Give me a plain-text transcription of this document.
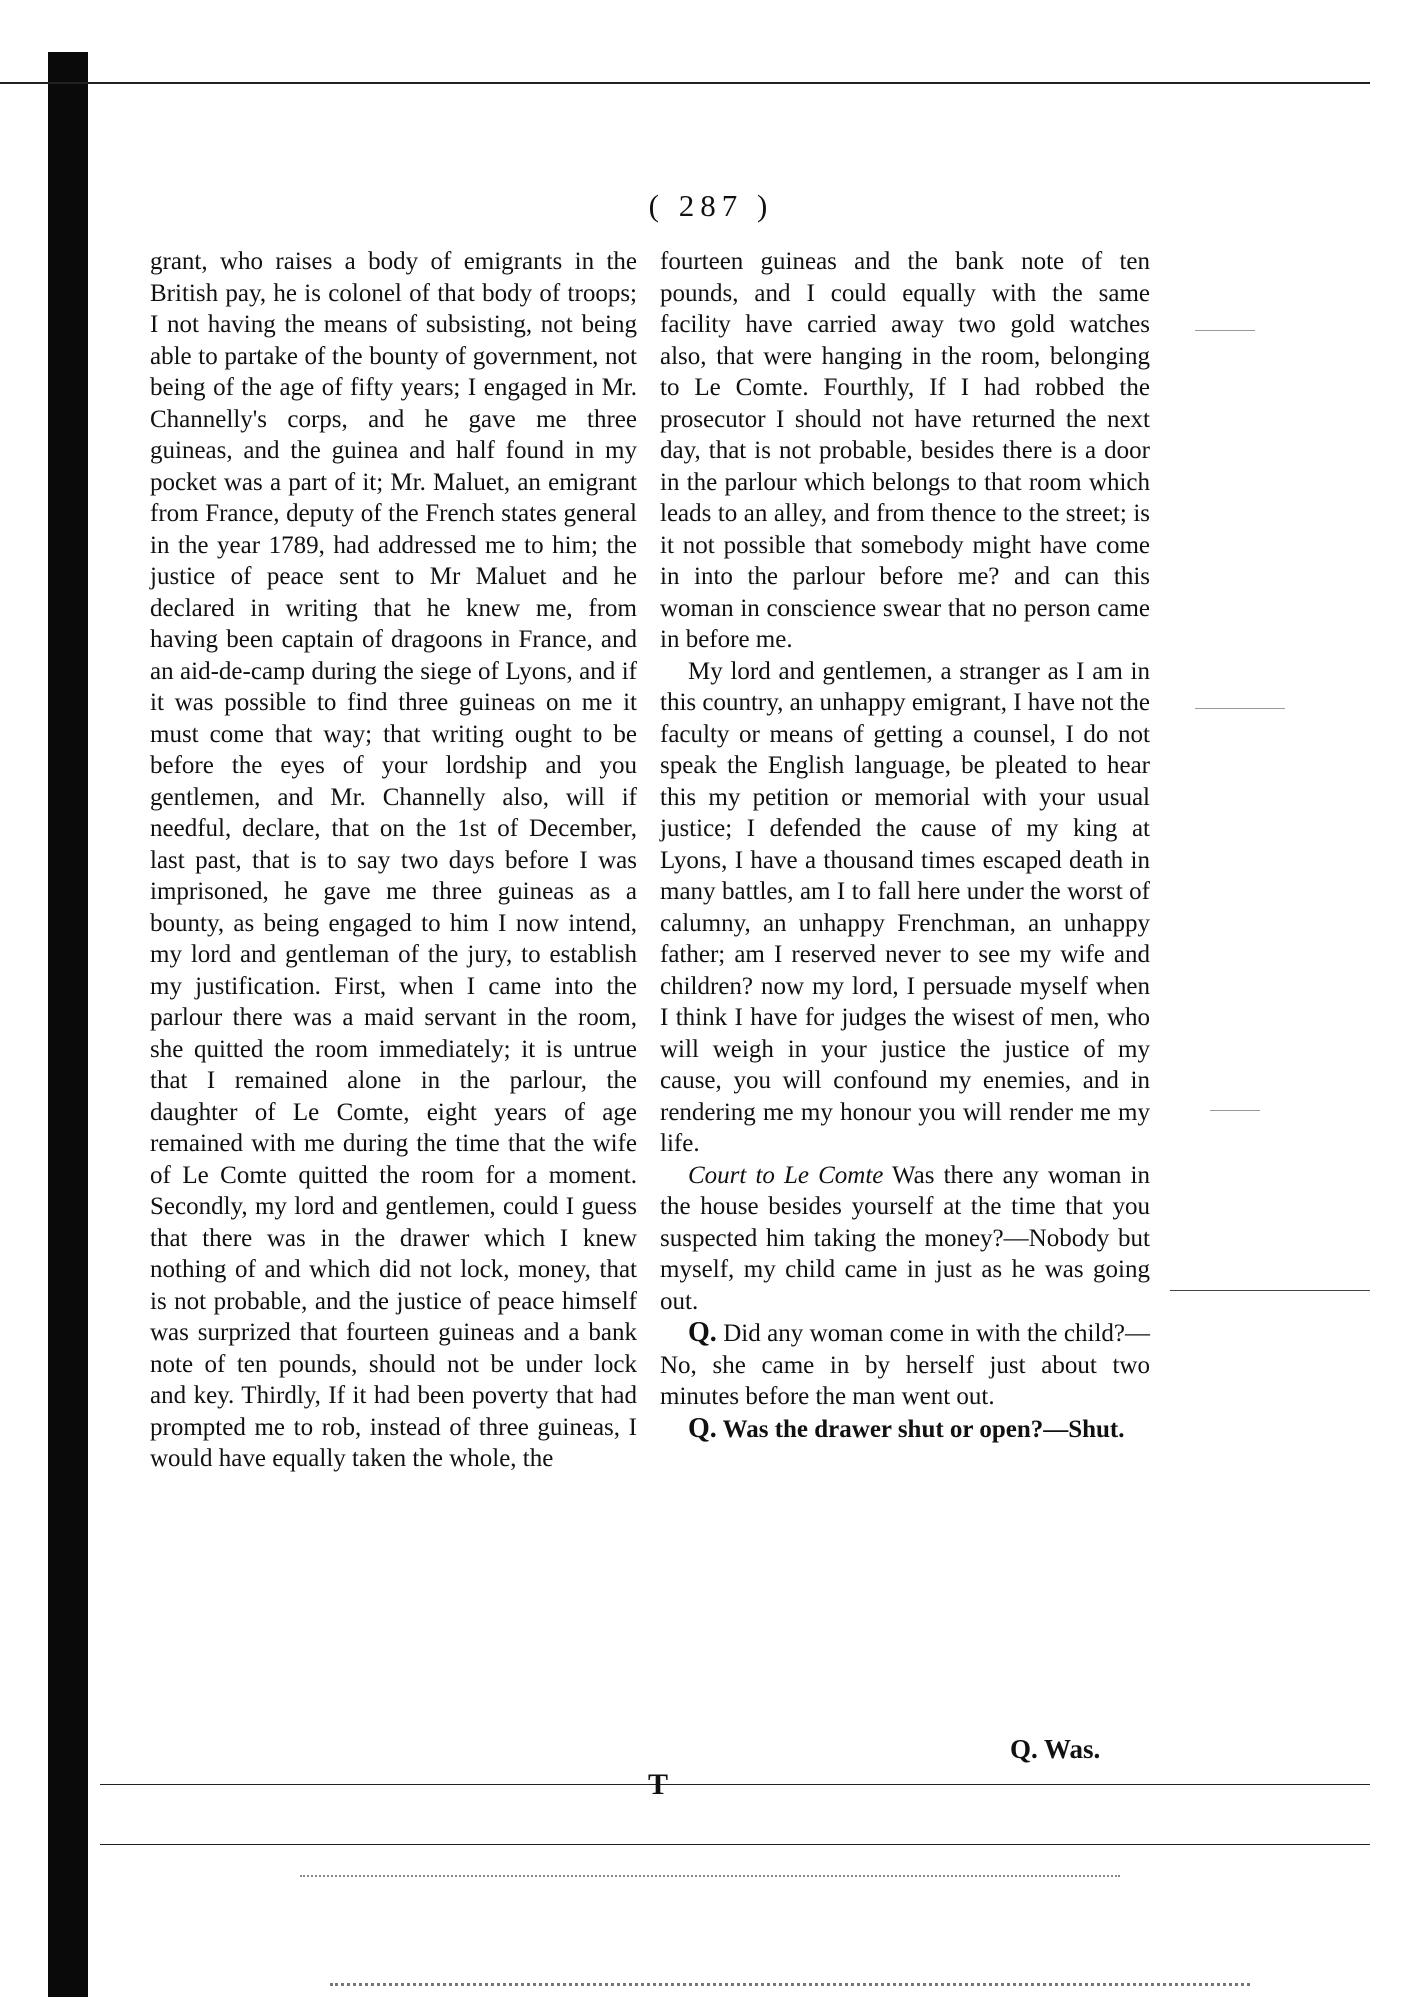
( 287 )

grant, who raises a body of emigrants in the British pay, he is colonel of that body of troops; I not having the means of subsisting, not being able to partake of the bounty of government, not being of the age of fifty years; I engaged in Mr. Channelly's corps, and he gave me three guineas, and the guinea and half found in my pocket was a part of it; Mr. Maluet, an emigrant from France, deputy of the French states general in the year 1789, had addressed me to him; the justice of peace sent to Mr Maluet and he declared in writing that he knew me, from having been captain of dragoons in France, and an aid-de-camp during the siege of Lyons, and if it was possible to find three guineas on me it must come that way; that writing ought to be before the eyes of your lordship and you gentlemen, and Mr. Channelly also, will if needful, declare, that on the 1st of December, last past, that is to say two days before I was imprisoned, he gave me three guineas as a bounty, as being engaged to him I now intend, my lord and gentleman of the jury, to establish my justification. First, when I came into the parlour there was a maid servant in the room, she quitted the room immediately; it is untrue that I remained alone in the parlour, the daughter of Le Comte, eight years of age remained with me during the time that the wife of Le Comte quitted the room for a moment. Secondly, my lord and gentlemen, could I guess that there was in the drawer which I knew nothing of and which did not lock, money, that is not probable, and the justice of peace himself was surprized that fourteen guineas and a bank note of ten pounds, should not be under lock and key. Thirdly, If it had been poverty that had prompted me to rob, instead of three guineas, I would have equally taken the whole, the

fourteen guineas and the bank note of ten pounds, and I could equally with the same facility have carried away two gold watches also, that were hanging in the room, belonging to Le Comte. Fourthly, If I had robbed the prosecutor I should not have returned the next day, that is not probable, besides there is a door in the parlour which belongs to that room which leads to an alley, and from thence to the street; is it not possible that somebody might have come in into the parlour before me? and can this woman in conscience swear that no person came in before me.

My lord and gentlemen, a stranger as I am in this country, an unhappy emigrant, I have not the faculty or means of getting a counsel, I do not speak the English language, be pleated to hear this my petition or memorial with your usual justice; I defended the cause of my king at Lyons, I have a thousand times escaped death in many battles, am I to fall here under the worst of calumny, an unhappy Frenchman, an unhappy father; am I reserved never to see my wife and children? now my lord, I persuade myself when I think I have for judges the wisest of men, who will weigh in your justice the justice of my cause, you will confound my enemies, and in rendering me my honour you will render me my life.

Court to Le Comte Was there any woman in the house besides yourself at the time that you suspected him taking the money?—Nobody but myself, my child came in just as he was going out.

Q. Did any woman come in with the child?—No, she came in by herself just about two minutes before the man went out.

Q. Was the drawer shut or open?—Shut.

Q. Was.
T
